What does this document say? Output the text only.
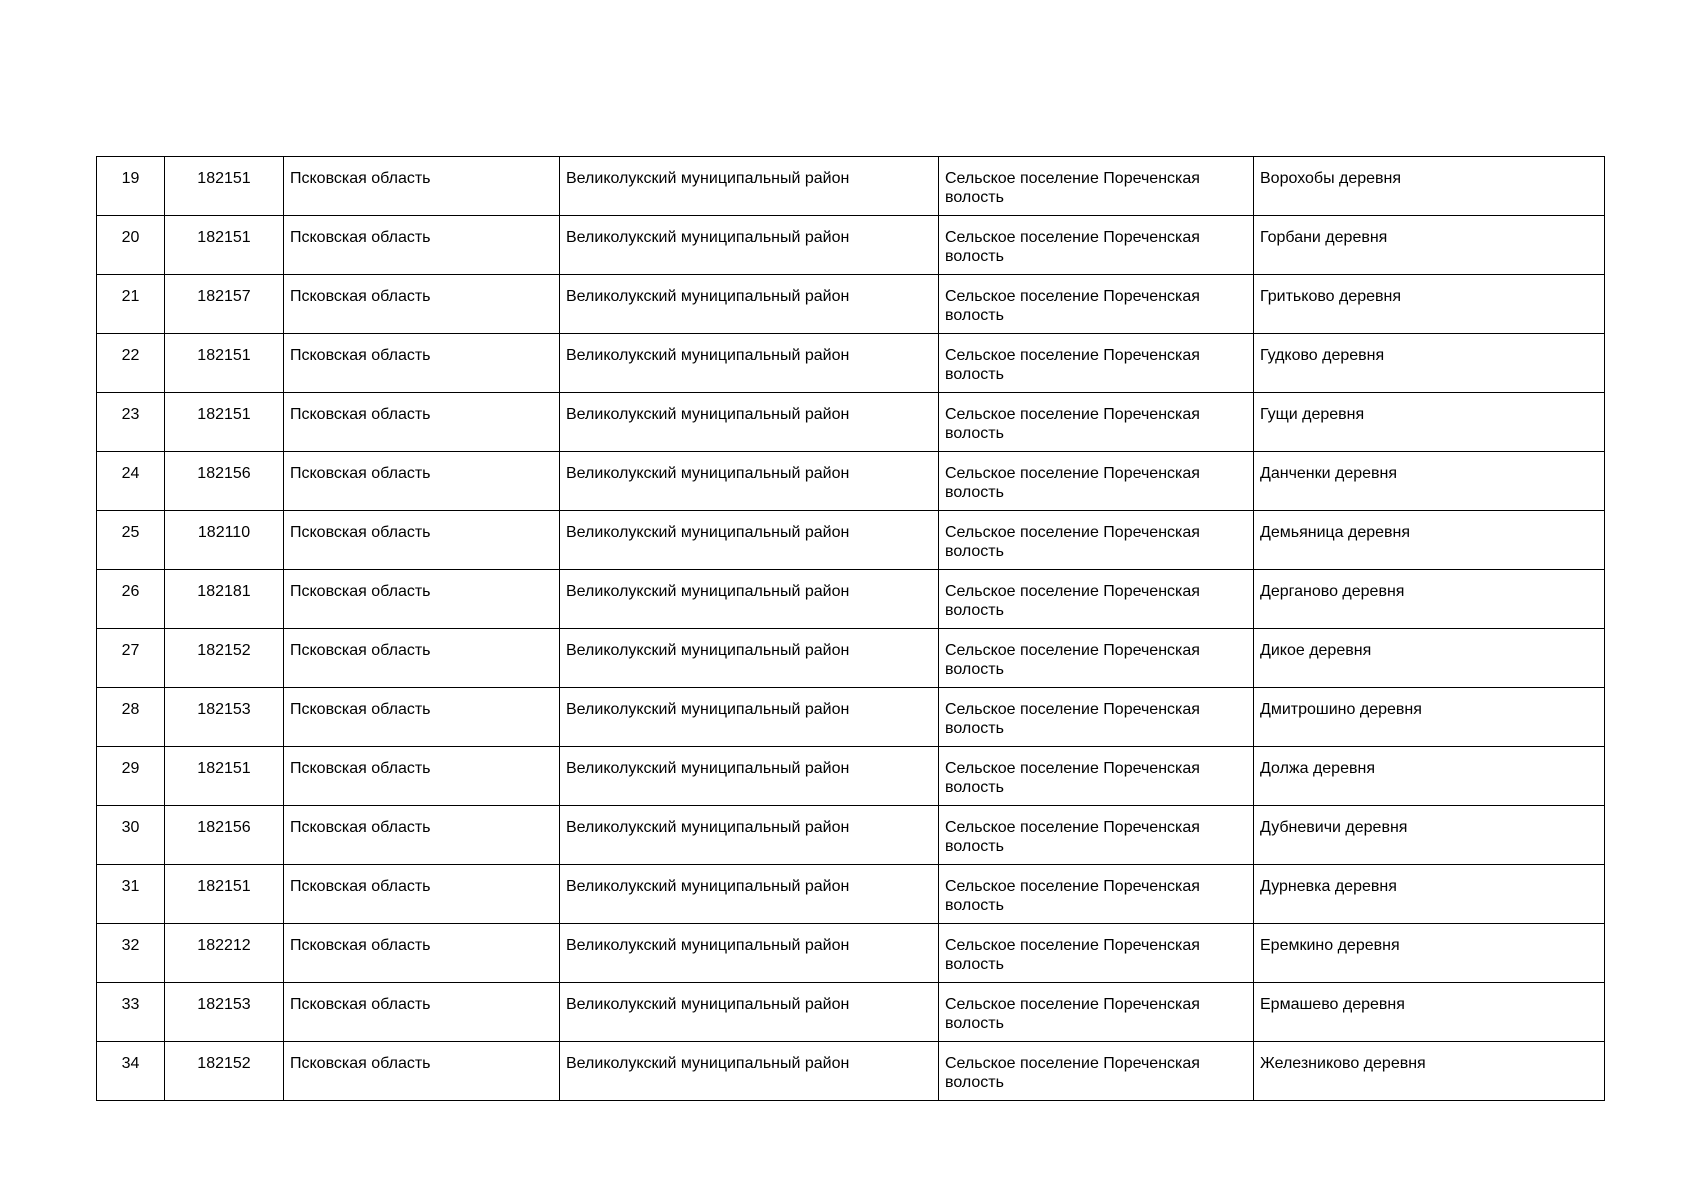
19	182151	Псковская область	Великолукский муниципальный район	Сельское поселение Пореченская волость	Ворохобы деревня
20	182151	Псковская область	Великолукский муниципальный район	Сельское поселение Пореченская волость	Горбани деревня
21	182157	Псковская область	Великолукский муниципальный район	Сельское поселение Пореченская волость	Гритьково деревня
22	182151	Псковская область	Великолукский муниципальный район	Сельское поселение Пореченская волость	Гудково деревня
23	182151	Псковская область	Великолукский муниципальный район	Сельское поселение Пореченская волость	Гущи деревня
24	182156	Псковская область	Великолукский муниципальный район	Сельское поселение Пореченская волость	Данченки деревня
25	182110	Псковская область	Великолукский муниципальный район	Сельское поселение Пореченская волость	Демьяница деревня
26	182181	Псковская область	Великолукский муниципальный район	Сельское поселение Пореченская волость	Дерганово деревня
27	182152	Псковская область	Великолукский муниципальный район	Сельское поселение Пореченская волость	Дикое деревня
28	182153	Псковская область	Великолукский муниципальный район	Сельское поселение Пореченская волость	Дмитрошино деревня
29	182151	Псковская область	Великолукский муниципальный район	Сельское поселение Пореченская волость	Должа деревня
30	182156	Псковская область	Великолукский муниципальный район	Сельское поселение Пореченская волость	Дубневичи деревня
31	182151	Псковская область	Великолукский муниципальный район	Сельское поселение Пореченская волость	Дурневка деревня
32	182212	Псковская область	Великолукский муниципальный район	Сельское поселение Пореченская волость	Еремкино деревня
33	182153	Псковская область	Великолукский муниципальный район	Сельское поселение Пореченская волость	Ермашево деревня
34	182152	Псковская область	Великолукский муниципальный район	Сельское поселение Пореченская волость	Железниково деревня
